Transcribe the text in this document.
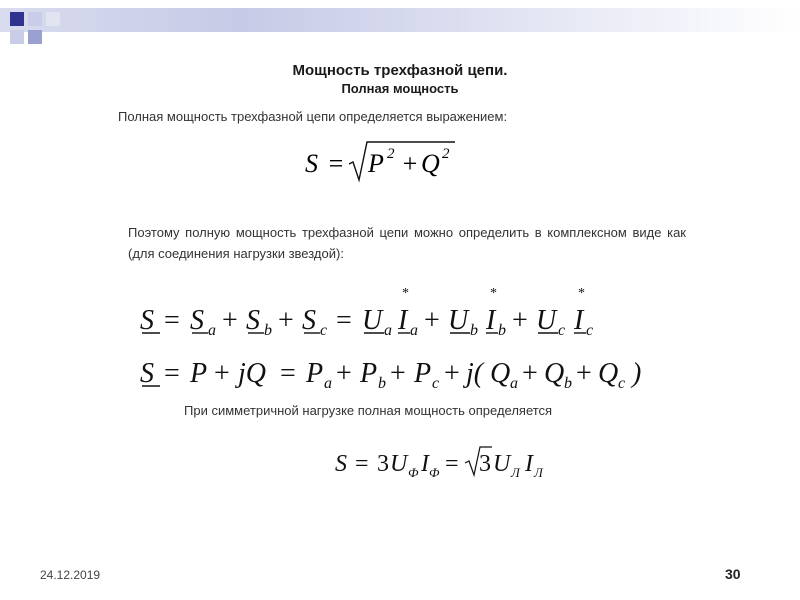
Мощность трехфазной цепи.
Полная мощность
Полная мощность трехфазной цепи определяется выражением:
S = P 2 + Q 2
Поэтому полную мощность трехфазной цепи можно определить в комплексном виде как (для соединения нагрузки звездой):
S = S a + S b + S c = U a I
*
a + U b I
*
b + U c I
*
c
S = P + jQ = P a + P b + P c + j( Q a + Q b + Q c )
При симметричной нагрузке полная мощность определяется
S = 3 U Ф I Ф = 3 U Л I Л
24.12.2019	30
